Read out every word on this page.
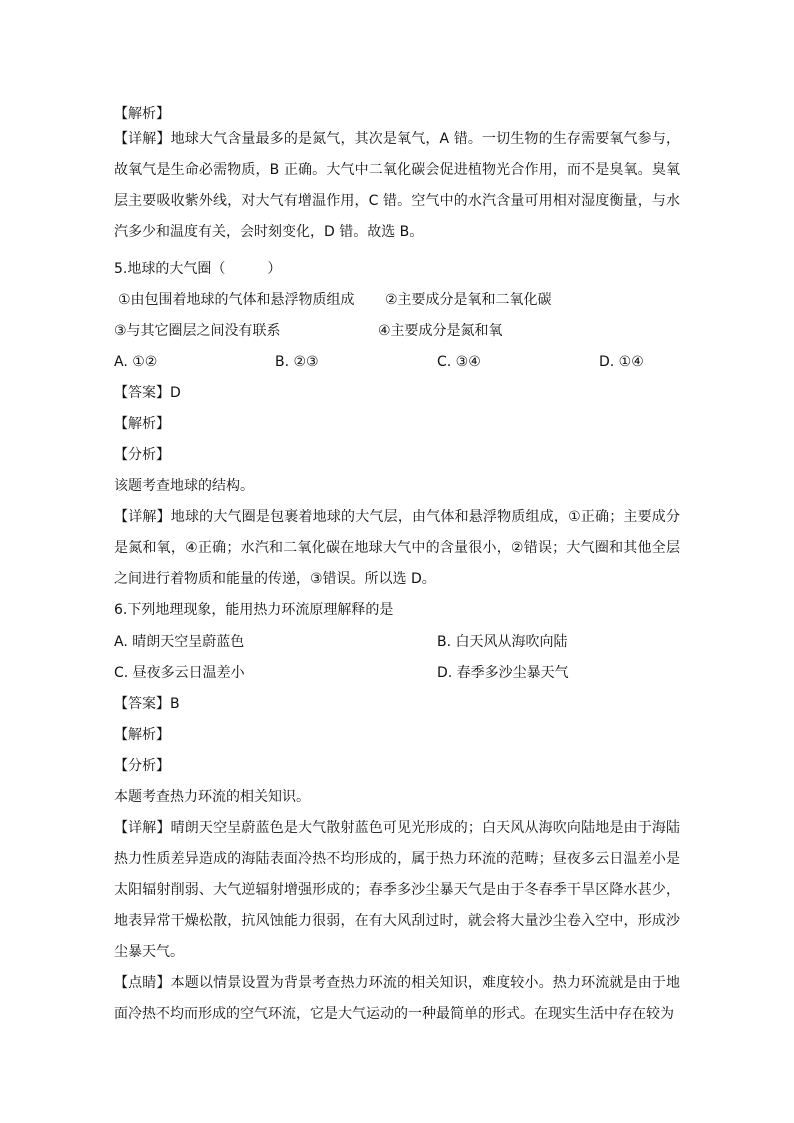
【解析】

【详解】地球大气含量最多的是氮气，其次是氧气，A 错。一切生物的生存需要氧气参与，故氧气是生命必需物质，B 正确。大气中二氧化碳会促进植物光合作用，而不是臭氧。臭氧层主要吸收紫外线，对大气有增温作用，C 错。空气中的水汽含量可用相对湿度衡量，与水汽多少和温度有关，会时刻变化，D 错。故选 B。

5.地球的大气圈（　　　）
①由包围着地球的气体和悬浮物质组成 ②主要成分是氧和二氧化碳
③与其它圈层之间没有联系	④主要成分是氮和氧
A. ①②	B. ②③	C. ③④	D. ①④
【答案】D
【解析】
【分析】
该题考查地球的结构。

【详解】地球的大气圈是包裹着地球的大气层，由气体和悬浮物质组成，①正确；主要成分是氮和氧，④正确；水汽和二氧化碳在地球大气中的含量很小，②错误；大气圈和其他全层之间进行着物质和能量的传递，③错误。所以选 D。

6.下列地理现象，能用热力环流原理解释的是
A. 晴朗天空呈蔚蓝色	B. 白天风从海吹向陆
C. 昼夜多云日温差小	D. 春季多沙尘暴天气
【答案】B
【解析】
【分析】
本题考查热力环流的相关知识。

【详解】晴朗天空呈蔚蓝色是大气散射蓝色可见光形成的；白天风从海吹向陆地是由于海陆热力性质差异造成的海陆表面冷热不均形成的，属于热力环流的范畴；昼夜多云日温差小是太阳辐射削弱、大气逆辐射增强形成的；春季多沙尘暴天气是由于冬春季干旱区降水甚少，地表异常干燥松散，抗风蚀能力很弱，在有大风刮过时，就会将大量沙尘卷入空中，形成沙尘暴天气。

【点睛】本题以情景设置为背景考查热力环流的相关知识，难度较小。热力环流就是由于地面冷热不均而形成的空气环流，它是大气运动的一种最简单的形式。在现实生活中存在较为
